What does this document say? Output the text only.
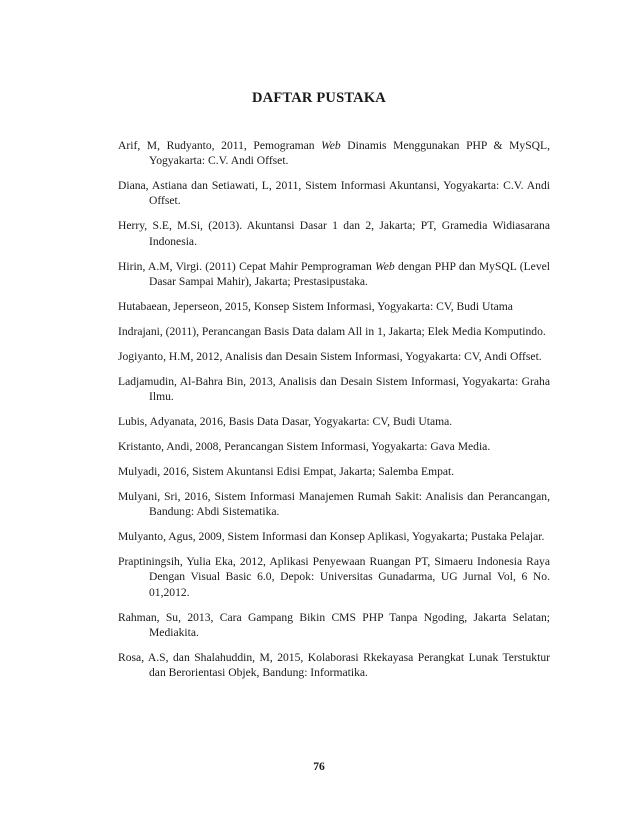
DAFTAR PUSTAKA

Arif, M, Rudyanto, 2011, Pemograman Web Dinamis Menggunakan PHP & MySQL, Yogyakarta: C.V. Andi Offset.

Diana, Astiana dan Setiawati, L, 2011, Sistem Informasi Akuntansi, Yogyakarta: C.V. Andi Offset.

Herry, S.E, M.Si, (2013). Akuntansi Dasar 1 dan 2, Jakarta; PT, Gramedia Widiasarana Indonesia.

Hirin, A.M, Virgi. (2011) Cepat Mahir Pemprograman Web dengan PHP dan MySQL (Level Dasar Sampai Mahir), Jakarta; Prestasipustaka.

Hutabaean, Jeperseon, 2015, Konsep Sistem Informasi, Yogyakarta: CV, Budi Utama

Indrajani, (2011), Perancangan Basis Data dalam All in 1, Jakarta; Elek Media Komputindo.

Jogiyanto, H.M, 2012, Analisis dan Desain Sistem Informasi, Yogyakarta: CV, Andi Offset.

Ladjamudin, Al-Bahra Bin, 2013, Analisis dan Desain Sistem Informasi, Yogyakarta: Graha Ilmu.

Lubis, Adyanata, 2016, Basis Data Dasar, Yogyakarta: CV, Budi Utama.

Kristanto, Andi, 2008, Perancangan Sistem Informasi, Yogyakarta: Gava Media.

Mulyadi, 2016, Sistem Akuntansi Edisi Empat, Jakarta; Salemba Empat.

Mulyani, Sri, 2016, Sistem Informasi Manajemen Rumah Sakit: Analisis dan Perancangan, Bandung: Abdi Sistematika.

Mulyanto, Agus, 2009, Sistem Informasi dan Konsep Aplikasi, Yogyakarta; Pustaka Pelajar.

Praptiningsih, Yulia Eka, 2012, Aplikasi Penyewaan Ruangan PT, Simaeru Indonesia Raya Dengan Visual Basic 6.0, Depok: Universitas Gunadarma, UG Jurnal Vol, 6 No. 01,2012.

Rahman, Su, 2013, Cara Gampang Bikin CMS PHP Tanpa Ngoding, Jakarta Selatan; Mediakita.

Rosa, A.S, dan Shalahuddin, M, 2015, Kolaborasi Rkekayasa Perangkat Lunak Terstuktur dan Berorientasi Objek, Bandung: Informatika.

76
